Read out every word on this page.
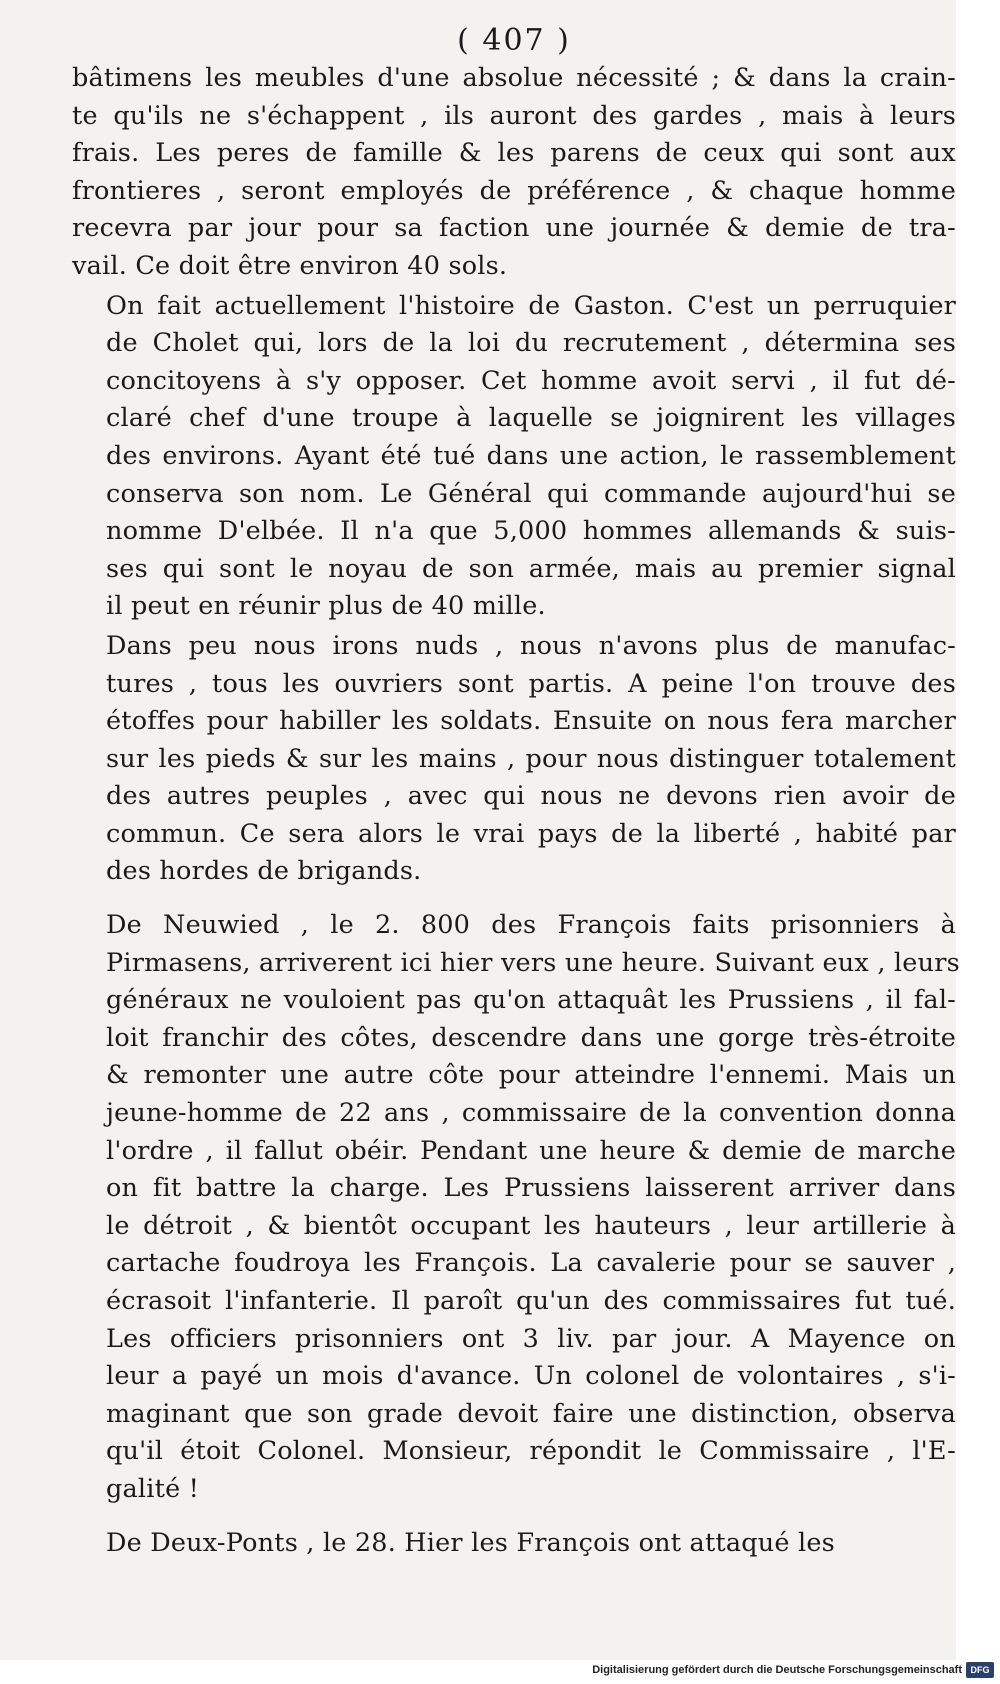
( 407 )
bâtimens les meubles d'une absolue nécessité ; & dans la crain-
te qu'ils ne s'échappent , ils auront des gardes , mais à leurs
frais. Les peres de famille & les parens de ceux qui sont aux
frontieres , seront employés de préférence , & chaque homme
recevra par jour pour sa faction une journée & demie de tra-
vail. Ce doit être environ 40 sols.
On fait actuellement l'histoire de Gaston. C'est un perruquier
de Cholet qui, lors de la loi du recrutement , détermina ses
concitoyens à s'y opposer. Cet homme avoit servi , il fut dé-
claré chef d'une troupe à laquelle se joignirent les villages
des environs. Ayant été tué dans une action, le rassemblement
conserva son nom. Le Général qui commande aujourd'hui se
nomme D'elbée. Il n'a que 5,000 hommes allemands & suis-
ses qui sont le noyau de son armée, mais au premier signal
il peut en réunir plus de 40 mille.
Dans peu nous irons nuds , nous n'avons plus de manufac-
tures , tous les ouvriers sont partis. A peine l'on trouve des
étoffes pour habiller les soldats. Ensuite on nous fera marcher
sur les pieds & sur les mains , pour nous distinguer totalement
des autres peuples , avec qui nous ne devons rien avoir de
commun. Ce sera alors le vrai pays de la liberté , habité par
des hordes de brigands.
De Neuwied , le 2. 800 des François faits prisonniers à
Pirmasens, arriverent ici hier vers une heure. Suivant eux , leurs
généraux ne vouloient pas qu'on attaquât les Prussiens , il fal-
loit franchir des côtes, descendre dans une gorge très-étroite
& remonter une autre côte pour atteindre l'ennemi. Mais un
jeune-homme de 22 ans , commissaire de la convention donna
l'ordre , il fallut obéir. Pendant une heure & demie de marche
on fit battre la charge. Les Prussiens laisserent arriver dans
le détroit , & bientôt occupant les hauteurs , leur artillerie à
cartache foudroya les François. La cavalerie pour se sauver ,
écrasoit l'infanterie. Il paroît qu'un des commissaires fut tué.
Les officiers prisonniers ont 3 liv. par jour. A Mayence on
leur a payé un mois d'avance. Un colonel de volontaires , s'i-
maginant que son grade devoit faire une distinction, observa
qu'il étoit Colonel. Monsieur, répondit le Commissaire , l'E-
galité !
De Deux-Ponts , le 28. Hier les François ont attaqué les
Digitalisierung gefördert durch die Deutsche Forschungsgemeinschaft DFG
